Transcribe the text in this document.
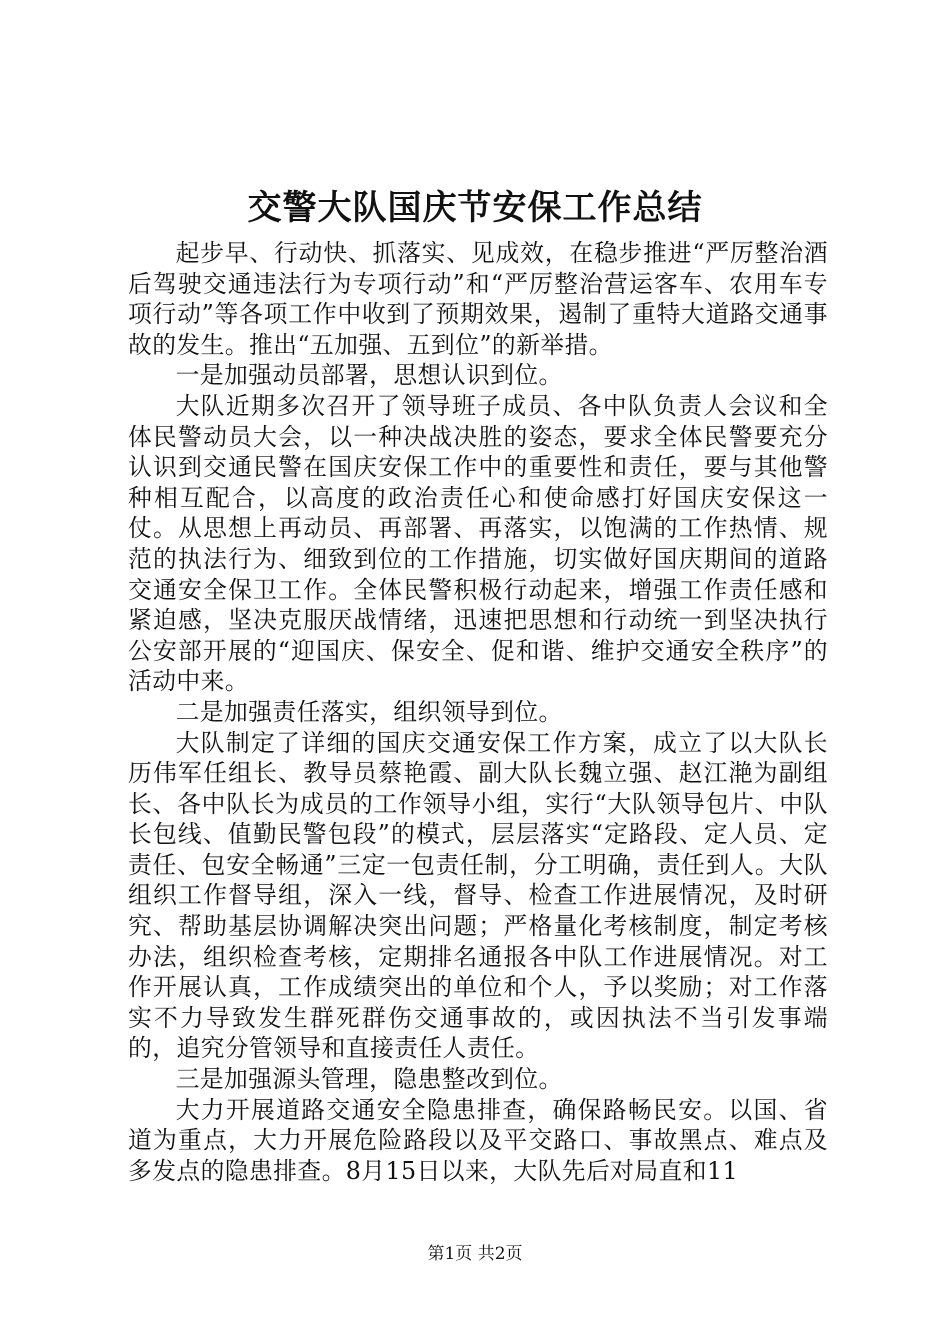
交警大队国庆节安保工作总结

起步早、行动快、抓落实、见成效，在稳步推进“严厉整治酒后驾驶交通违法行为专项行动”和“严厉整治营运客车、农用车专项行动”等各项工作中收到了预期效果，遏制了重特大道路交通事故的发生。推出“五加强、五到位”的新举措。

一是加强动员部署，思想认识到位。

大队近期多次召开了领导班子成员、各中队负责人会议和全体民警动员大会，以一种决战决胜的姿态，要求全体民警要充分认识到交通民警在国庆安保工作中的重要性和责任，要与其他警种相互配合，以高度的政治责任心和使命感打好国庆安保这一仗。从思想上再动员、再部署、再落实，以饱满的工作热情、规范的执法行为、细致到位的工作措施，切实做好国庆期间的道路交通安全保卫工作。全体民警积极行动起来，增强工作责任感和紧迫感，坚决克服厌战情绪，迅速把思想和行动统一到坚决执行公安部开展的“迎国庆、保安全、促和谐、维护交通安全秩序”的活动中来。

二是加强责任落实，组织领导到位。

大队制定了详细的国庆交通安保工作方案，成立了以大队长历伟军任组长、教导员蔡艳霞、副大队长魏立强、赵江滟为副组长、各中队长为成员的工作领导小组，实行“大队领导包片、中队长包线、值勤民警包段”的模式，层层落实“定路段、定人员、定责任、包安全畅通”三定一包责任制，分工明确，责任到人。大队组织工作督导组，深入一线，督导、检查工作进展情况，及时研究、帮助基层协调解决突出问题；严格量化考核制度，制定考核办法，组织检查考核，定期排名通报各中队工作进展情况。对工作开展认真，工作成绩突出的单位和个人，予以奖励；对工作落实不力导致发生群死群伤交通事故的，或因执法不当引发事端的，追究分管领导和直接责任人责任。

三是加强源头管理，隐患整改到位。

大力开展道路交通安全隐患排查，确保路畅民安。以国、省道为重点，大力开展危险路段以及平交路口、事故黑点、难点及多发点的隐患排查。8月15日以来，大队先后对局直和11

第1页 共2页
